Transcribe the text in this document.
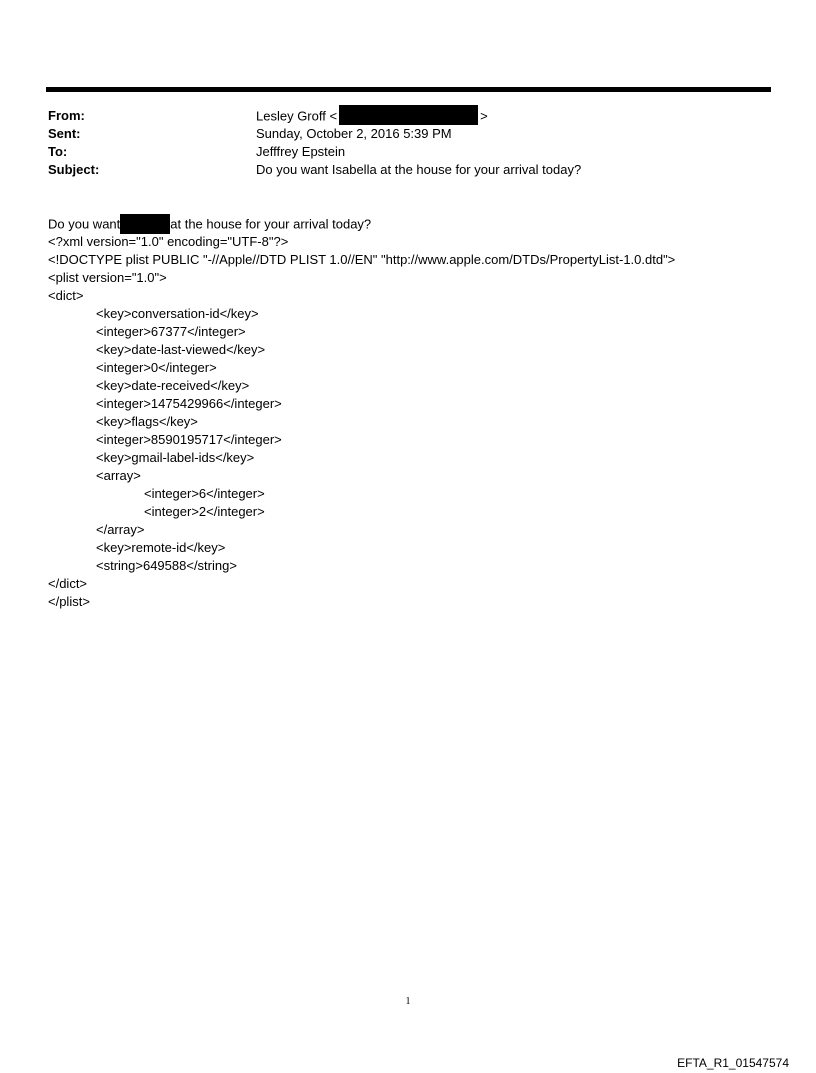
From:	Lesley Groff <	>
Sent:	Sunday, October 2, 2016 5:39 PM
To:	Jefffrey Epstein
Subject:	Do you want Isabella at the house for your arrival today?
Do you want	at the house for your arrival today?
<?xml version="1.0" encoding="UTF-8"?>
<!DOCTYPE plist PUBLIC "-//Apple//DTD PLIST 1.0//EN" "http://www.apple.com/DTDs/PropertyList-1.0.dtd">
<plist version="1.0">
<dict>
<key>conversation-id</key>
<integer>67377</integer>
<key>date-last-viewed</key>
<integer>0</integer>
<key>date-received</key>
<integer>1475429966</integer>
<key>flags</key>
<integer>8590195717</integer>
<key>gmail-label-ids</key>
<array>
<integer>6</integer>
<integer>2</integer>
</array>
<key>remote-id</key>
<string>649588</string>
</dict>
</plist>
1
EFTA_R1_01547574
